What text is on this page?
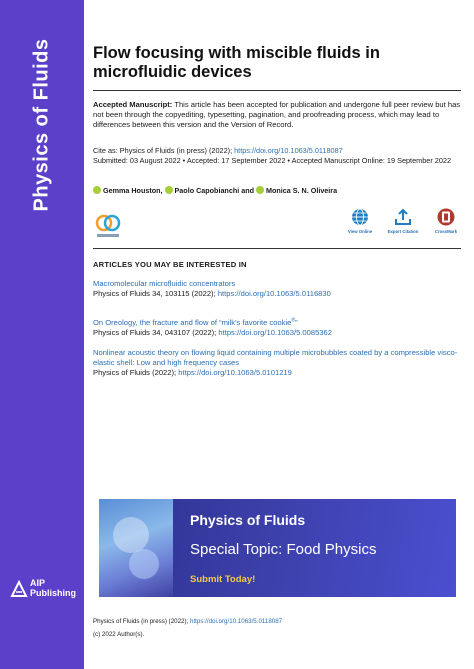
Physics of Fluids
AIP
Publishing
Flow focusing with miscible fluids in microfluidic devices
Accepted Manuscript: This article has been accepted for publication and undergone full peer review but has not been through the copyediting, typesetting, pagination, and proofreading process, which may lead to differences between this version and the Version of Record.
Cite as: Physics of Fluids (in press) (2022); https://doi.org/10.1063/5.0118087
Submitted: 03 August 2022 • Accepted: 17 September 2022 • Accepted Manuscript Online: 19 September 2022
Gemma Houston, Paolo Capobianchi and Monica S. N. Oliveira
View Online	Export Citation	CrossMark
ARTICLES YOU MAY BE INTERESTED IN
Macromolecular microfluidic concentrators
Physics of Fluids 34, 103115 (2022); https://doi.org/10.1063/5.0116830
On Oreology, the fracture and flow of “milk's favorite cookie®”
Physics of Fluids 34, 043107 (2022); https://doi.org/10.1063/5.0085362
Nonlinear acoustic theory on flowing liquid containing multiple microbubbles coated by a compressible visco-elastic shell: Low and high frequency cases
Physics of Fluids (2022); https://doi.org/10.1063/5.0101219
Physics of Fluids
Special Topic: Food Physics
Submit Today!
Physics of Fluids (in press) (2022); https://doi.org/10.1063/5.0118087
(c) 2022 Author(s).
